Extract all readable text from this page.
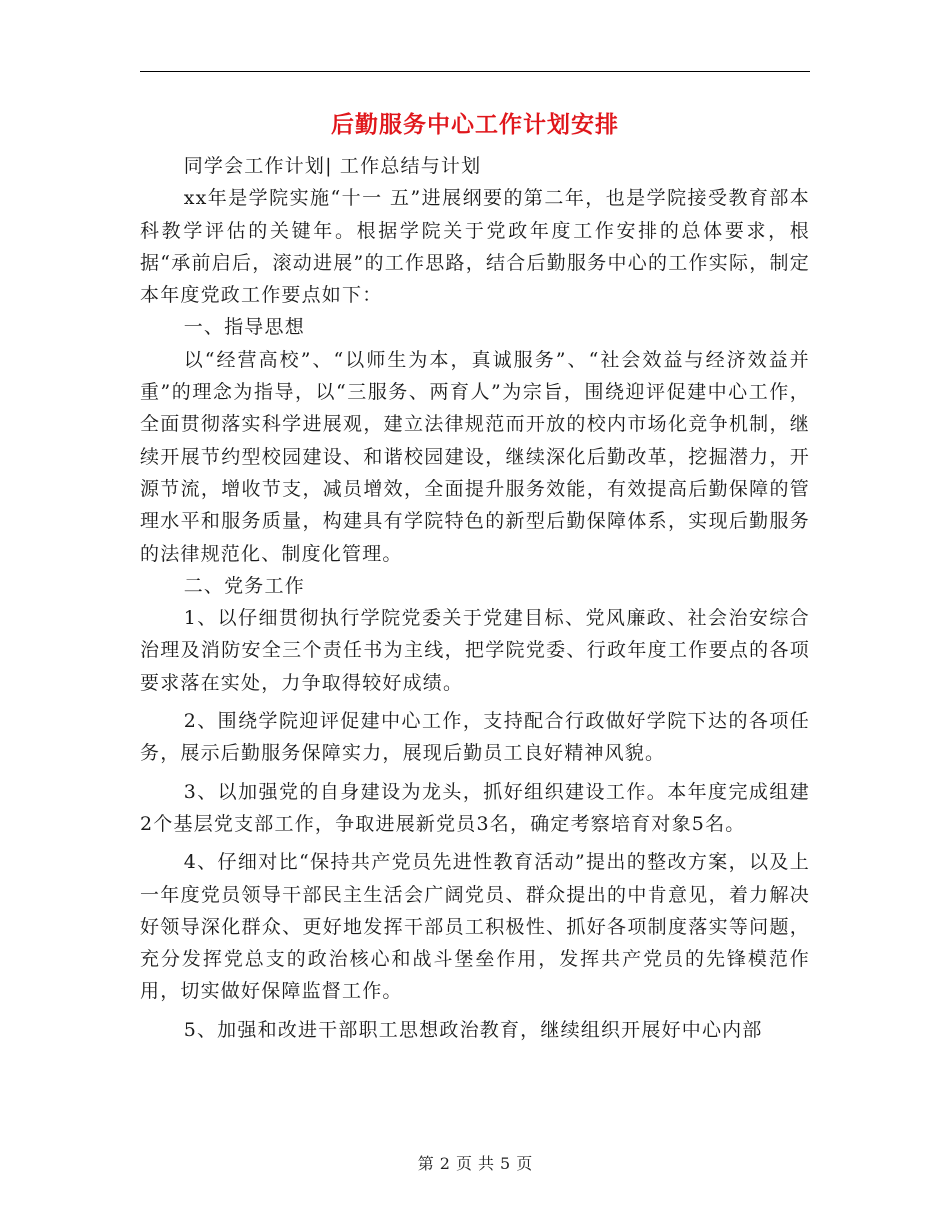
后勤服务中心工作计划安排

同学会工作计划| 工作总结与计划

xx年是学院实施“十一 五”进展纲要的第二年，也是学院接受教育部本科教学评估的关键年。根据学院关于党政年度工作安排的总体要求，根据“承前启后，滚动进展”的工作思路，结合后勤服务中心的工作实际，制定本年度党政工作要点如下：

一、指导思想

以“经营高校”、“以师生为本，真诚服务”、“社会效益与经济效益并重”的理念为指导，以“三服务、两育人”为宗旨，围绕迎评促建中心工作，全面贯彻落实科学进展观，建立法律规范而开放的校内市场化竞争机制，继续开展节约型校园建设、和谐校园建设，继续深化后勤改革，挖掘潜力，开源节流，增收节支，减员增效，全面提升服务效能，有效提高后勤保障的管理水平和服务质量，构建具有学院特色的新型后勤保障体系，实现后勤服务的法律规范化、制度化管理。

二、党务工作

1、以仔细贯彻执行学院党委关于党建目标、党风廉政、社会治安综合治理及消防安全三个责任书为主线，把学院党委、行政年度工作要点的各项要求落在实处，力争取得较好成绩。

2、围绕学院迎评促建中心工作，支持配合行政做好学院下达的各项任务，展示后勤服务保障实力，展现后勤员工良好精神风貌。

3、以加强党的自身建设为龙头，抓好组织建设工作。本年度完成组建2个基层党支部工作，争取进展新党员3名，确定考察培育对象5名。

4、仔细对比“保持共产党员先进性教育活动”提出的整改方案，以及上一年度党员领导干部民主生活会广阔党员、群众提出的中肯意见，着力解决好领导深化群众、更好地发挥干部员工积极性、抓好各项制度落实等问题，充分发挥党总支的政治核心和战斗堡垒作用，发挥共产党员的先锋模范作用，切实做好保障监督工作。

5、加强和改进干部职工思想政治教育，继续组织开展好中心内部

第 2 页 共 5 页
